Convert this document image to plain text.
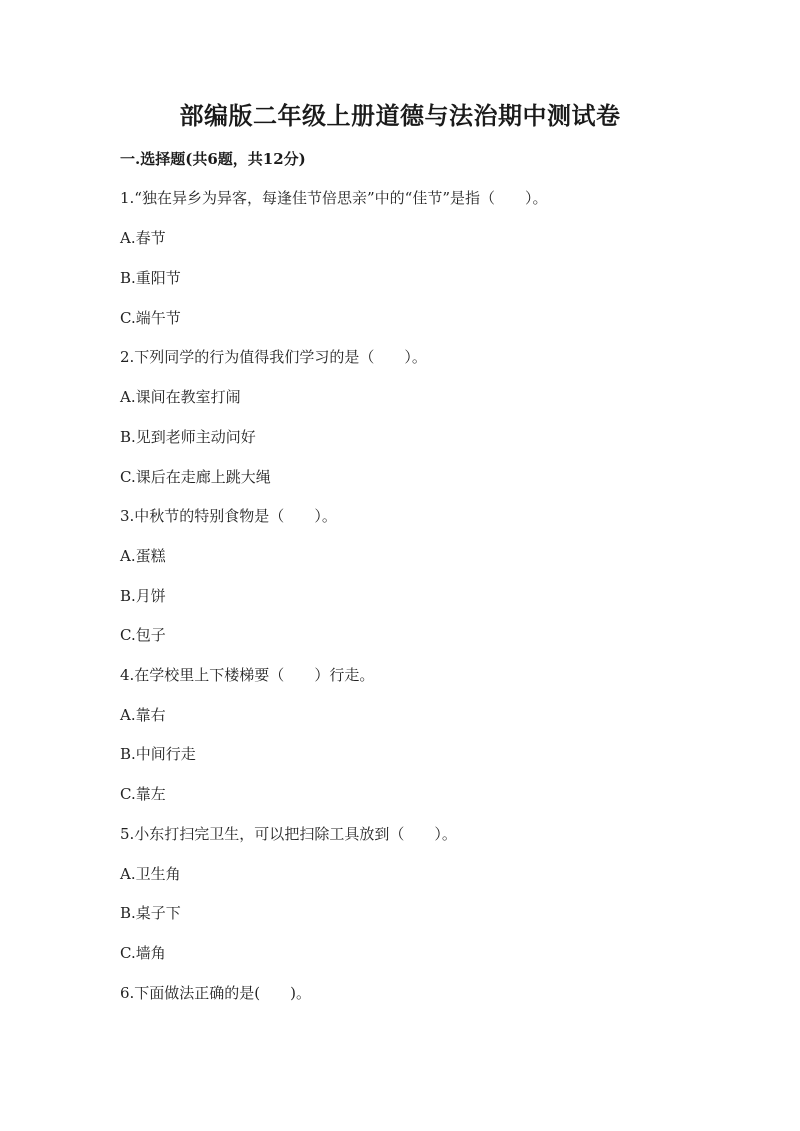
部编版二年级上册道德与法治期中测试卷
一.选择题(共6题，共12分)
1.“独在异乡为异客，每逢佳节倍思亲”中的“佳节”是指（　　）。
A.春节
B.重阳节
C.端午节
2.下列同学的行为值得我们学习的是（　　）。
A.课间在教室打闹
B.见到老师主动问好
C.课后在走廊上跳大绳
3.中秋节的特别食物是（　　）。
A.蛋糕
B.月饼
C.包子
4.在学校里上下楼梯要（　　）行走。
A.靠右
B.中间行走
C.靠左
5.小东打扫完卫生，可以把扫除工具放到（　　）。
A.卫生角
B.桌子下
C.墙角
6.下面做法正确的是(　　)。
